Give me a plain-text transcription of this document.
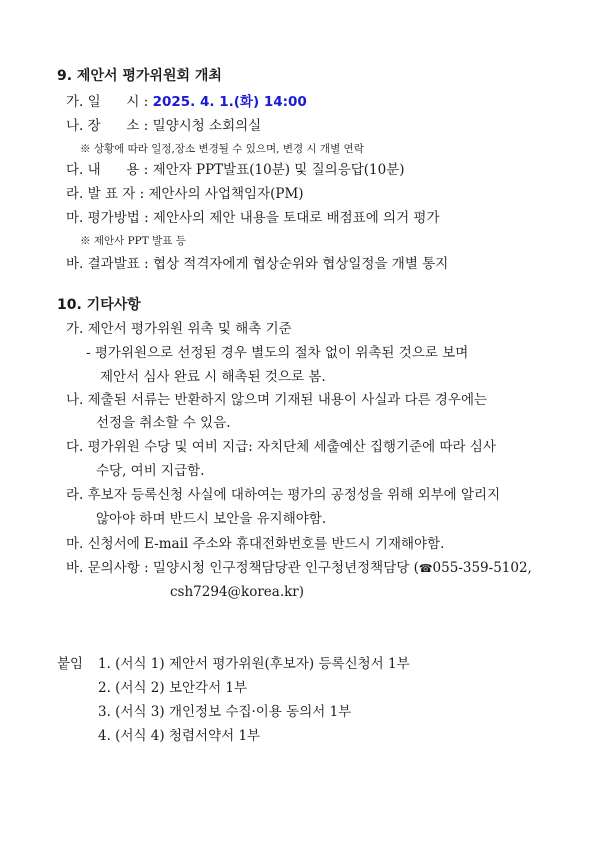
9. 제안서 평가위원회 개최
가. 일      시 : 2025. 4. 1.(화) 14:00
나. 장      소 : 밀양시청 소회의실
※ 상황에 따라 일정,장소 변경될 수 있으며, 변경 시 개별 연락
다. 내      용 : 제안자 PPT발표(10분) 및 질의응답(10분)
라. 발 표 자 : 제안사의 사업책임자(PM)
마. 평가방법 : 제안사의 제안 내용을 토대로 배점표에 의거 평가
※ 제안사 PPT 발표 등
바. 결과발표 : 협상 적격자에게 협상순위와 협상일정을 개별 통지
10. 기타사항
가. 제안서 평가위원 위촉 및 해촉 기준
- 평가위원으로 선정된 경우 별도의 절차 없이 위촉된 것으로 보며
제안서 심사 완료 시 해촉된 것으로 봄.
나. 제출된 서류는 반환하지 않으며 기재된 내용이 사실과 다른 경우에는
선정을 취소할 수 있음.
다. 평가위원 수당 및 여비 지급: 자치단체 세출예산 집행기준에 따라 심사
수당, 여비 지급함.
라. 후보자 등록신청 사실에 대하여는 평가의 공정성을 위해 외부에 알리지
않아야 하며 반드시 보안을 유지해야함.
마. 신청서에 E-mail 주소와 휴대전화번호를 반드시 기재해야함.
바. 문의사항 : 밀양시청 인구정책담당관 인구청년정책담당 (☎055-359-5102,
csh7294@korea.kr)
붙임 1. (서식 1) 제안서 평가위원(후보자) 등록신청서 1부
2. (서식 2) 보안각서 1부
3. (서식 3) 개인정보 수집·이용 동의서 1부
4. (서식 4) 청렴서약서 1부
